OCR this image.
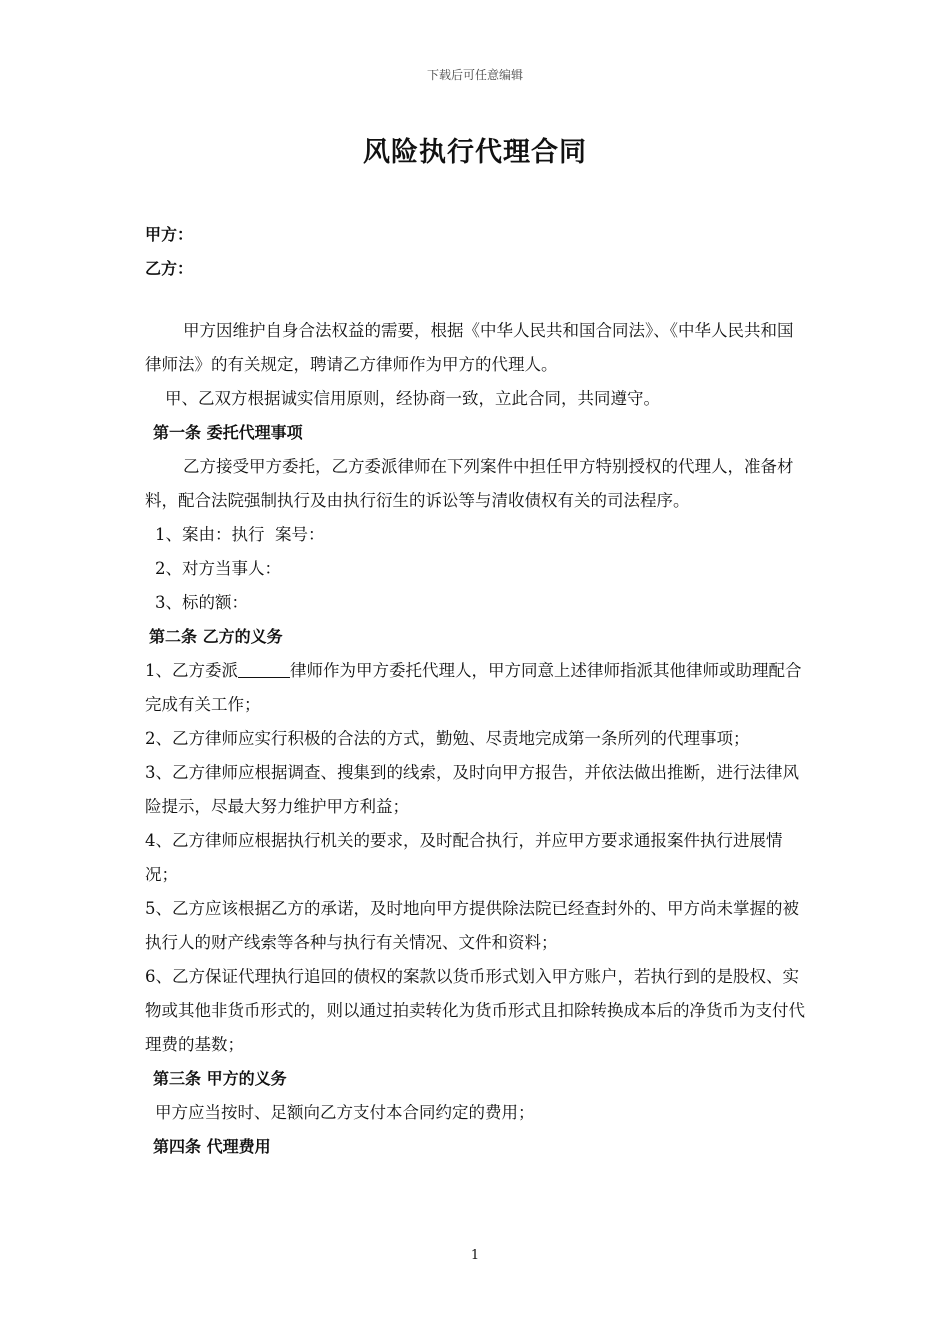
下载后可任意编辑
风险执行代理合同
甲方：
乙方：

甲方因维护自身合法权益的需要，根据《中华人民共和国合同法》、《中华人民共和国律师法》的有关规定，聘请乙方律师作为甲方的代理人。

甲、乙双方根据诚实信用原则，经协商一致，立此合同，共同遵守。

第一条 委托代理事项

乙方接受甲方委托，乙方委派律师在下列案件中担任甲方特别授权的代理人，准备材料，配合法院强制执行及由执行衍生的诉讼等与清收债权有关的司法程序。

1、案由：执行  案号：

2、对方当事人：

3、标的额：

第二条 乙方的义务

1、乙方委派	律师作为甲方委托代理人，甲方同意上述律师指派其他律师或助理配合完成有关工作；

2、乙方律师应实行积极的合法的方式，勤勉、尽责地完成第一条所列的代理事项；

3、乙方律师应根据调查、搜集到的线索，及时向甲方报告，并依法做出推断，进行法律风险提示，尽最大努力维护甲方利益；

4、乙方律师应根据执行机关的要求，及时配合执行，并应甲方要求通报案件执行进展情况；

5、乙方应该根据乙方的承诺，及时地向甲方提供除法院已经查封外的、甲方尚未掌握的被执行人的财产线索等各种与执行有关情况、文件和资料；

6、乙方保证代理执行追回的债权的案款以货币形式划入甲方账户，若执行到的是股权、实物或其他非货币形式的，则以通过拍卖转化为货币形式且扣除转换成本后的净货币为支付代理费的基数；

第三条 甲方的义务

甲方应当按时、足额向乙方支付本合同约定的费用；

第四条 代理费用

1
